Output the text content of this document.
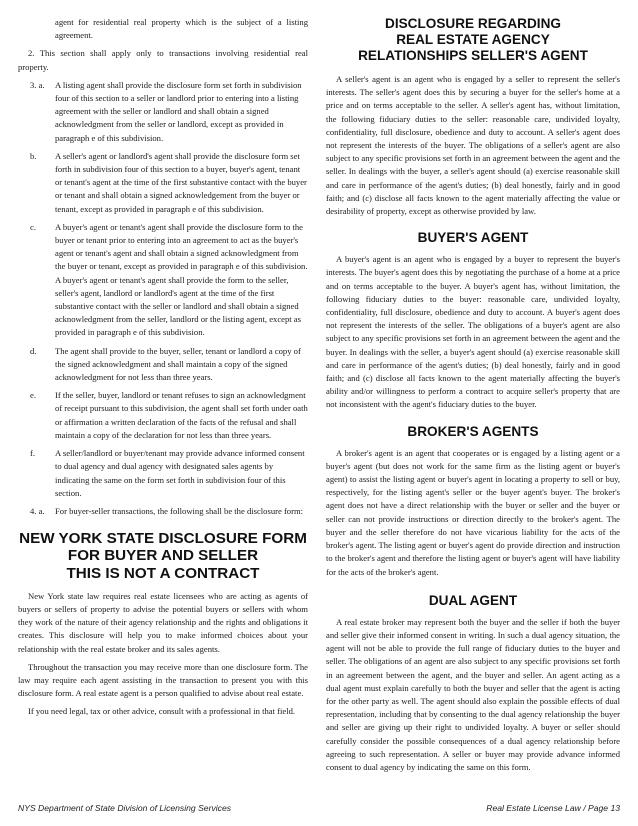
agent for residential real property which is the subject of a listing agreement.

2. This section shall apply only to transactions involving residential real property.

3. a.	A listing agent shall provide the disclosure form set forth in subdivision four of this section to a seller or landlord prior to entering into a listing agreement with the seller or landlord and shall obtain a signed acknowledgment from the seller or landlord, except as provided in paragraph e of this subdivision.
b.	A seller's agent or landlord's agent shall provide the disclosure form set forth in subdivision four of this section to a buyer, buyer's agent, tenant or tenant's agent at the time of the first substantive contact with the buyer or tenant and shall obtain a signed acknowledgement from the buyer or tenant, except as provided in paragraph e of this subdivision.
c.	A buyer's agent or tenant's agent shall provide the disclosure form to the buyer or tenant prior to entering into an agreement to act as the buyer's agent or tenant's agent and shall obtain a signed acknowledgment from the buyer or tenant, except as provided in paragraph e of this subdivision. A buyer's agent or tenant's agent shall provide the form to the seller, seller's agent, landlord or landlord's agent at the time of the first substantive contact with the seller or landlord and shall obtain a signed acknowledgment from the seller, landlord or the listing agent, except as provided in paragraph e of this subdivision.
d.	The agent shall provide to the buyer, seller, tenant or landlord a copy of the signed acknowledgment and shall maintain a copy of the signed acknowledgment for not less than three years.
e.	If the seller, buyer, landlord or tenant refuses to sign an acknowledgment of receipt pursuant to this subdivision, the agent shall set forth under oath or affirmation a written declaration of the facts of the refusal and shall maintain a copy of the declaration for not less than three years.
f.	A seller/landlord or buyer/tenant may provide advance informed consent to dual agency and dual agency with designated sales agents by indicating the same on the form set forth in subdivision four of this section.
4. a.	For buyer-seller transactions, the following shall be the disclosure form:
NEW YORK STATE DISCLOSURE FORM
FOR BUYER AND SELLER
THIS IS NOT A CONTRACT

New York state law requires real estate licensees who are acting as agents of buyers or sellers of property to advise the potential buyers or sellers with whom they work of the nature of their agency relationship and the rights and obligations it creates. This disclosure will help you to make informed choices about your relationship with the real estate broker and its sales agents.

Throughout the transaction you may receive more than one disclosure form. The law may require each agent assisting in the transaction to present you with this disclosure form. A real estate agent is a person qualified to advise about real estate.

If you need legal, tax or other advice, consult with a professional in that field.

DISCLOSURE REGARDING
REAL ESTATE AGENCY
RELATIONSHIPS SELLER'S AGENT

A seller's agent is an agent who is engaged by a seller to represent the seller's interests. The seller's agent does this by securing a buyer for the seller's home at a price and on terms acceptable to the seller. A seller's agent has, without limitation, the following fiduciary duties to the seller: reasonable care, undivided loyalty, confidentiality, full disclosure, obedience and duty to account. A seller's agent does not represent the interests of the buyer. The obligations of a seller's agent are also subject to any specific provisions set forth in an agreement between the agent and the seller. In dealings with the buyer, a seller's agent should (a) exercise reasonable skill and care in performance of the agent's duties; (b) deal honestly, fairly and in good faith; and (c) disclose all facts known to the agent materially affecting the value or desirability of property, except as otherwise provided by law.

BUYER'S AGENT

A buyer's agent is an agent who is engaged by a buyer to represent the buyer's interests. The buyer's agent does this by negotiating the purchase of a home at a price and on terms acceptable to the buyer. A buyer's agent has, without limitation, the following fiduciary duties to the buyer: reasonable care, undivided loyalty, confidentiality, full disclosure, obedience and duty to account. A buyer's agent does not represent the interests of the seller. The obligations of a buyer's agent are also subject to any specific provisions set forth in an agreement between the agent and the buyer. In dealings with the seller, a buyer's agent should (a) exercise reasonable skill and care in performance of the agent's duties; (b) deal honestly, fairly and in good faith; and (c) disclose all facts known to the agent materially affecting the buyer's ability and/or willingness to perform a contract to acquire seller's property that are not inconsistent with the agent's fiduciary duties to the buyer.

BROKER'S AGENTS

A broker's agent is an agent that cooperates or is engaged by a listing agent or a buyer's agent (but does not work for the same firm as the listing agent or buyer's agent) to assist the listing agent or buyer's agent in locating a property to sell or buy, respectively, for the listing agent's seller or the buyer agent's buyer. The broker's agent does not have a direct relationship with the buyer or seller and the buyer or seller can not provide instructions or direction directly to the broker's agent. The buyer and the seller therefore do not have vicarious liability for the acts of the broker's agent. The listing agent or buyer's agent do provide direction and instruction to the broker's agent and therefore the listing agent or buyer's agent will have liability for the acts of the broker's agent.

DUAL AGENT

A real estate broker may represent both the buyer and the seller if both the buyer and seller give their informed consent in writing. In such a dual agency situation, the agent will not be able to provide the full range of fiduciary duties to the buyer and seller. The obligations of an agent are also subject to any specific provisions set forth in an agreement between the agent, and the buyer and seller. An agent acting as a dual agent must explain carefully to both the buyer and seller that the agent is acting for the other party as well. The agent should also explain the possible effects of dual representation, including that by consenting to the dual agency relationship the buyer and seller are giving up their right to undivided loyalty. A buyer or seller should carefully consider the possible consequences of a dual agency relationship before agreeing to such representation. A seller or buyer may provide advance informed consent to dual agency by indicating the same on this form.

NYS Department of State Division of Licensing Services	Real Estate License Law / Page 13
